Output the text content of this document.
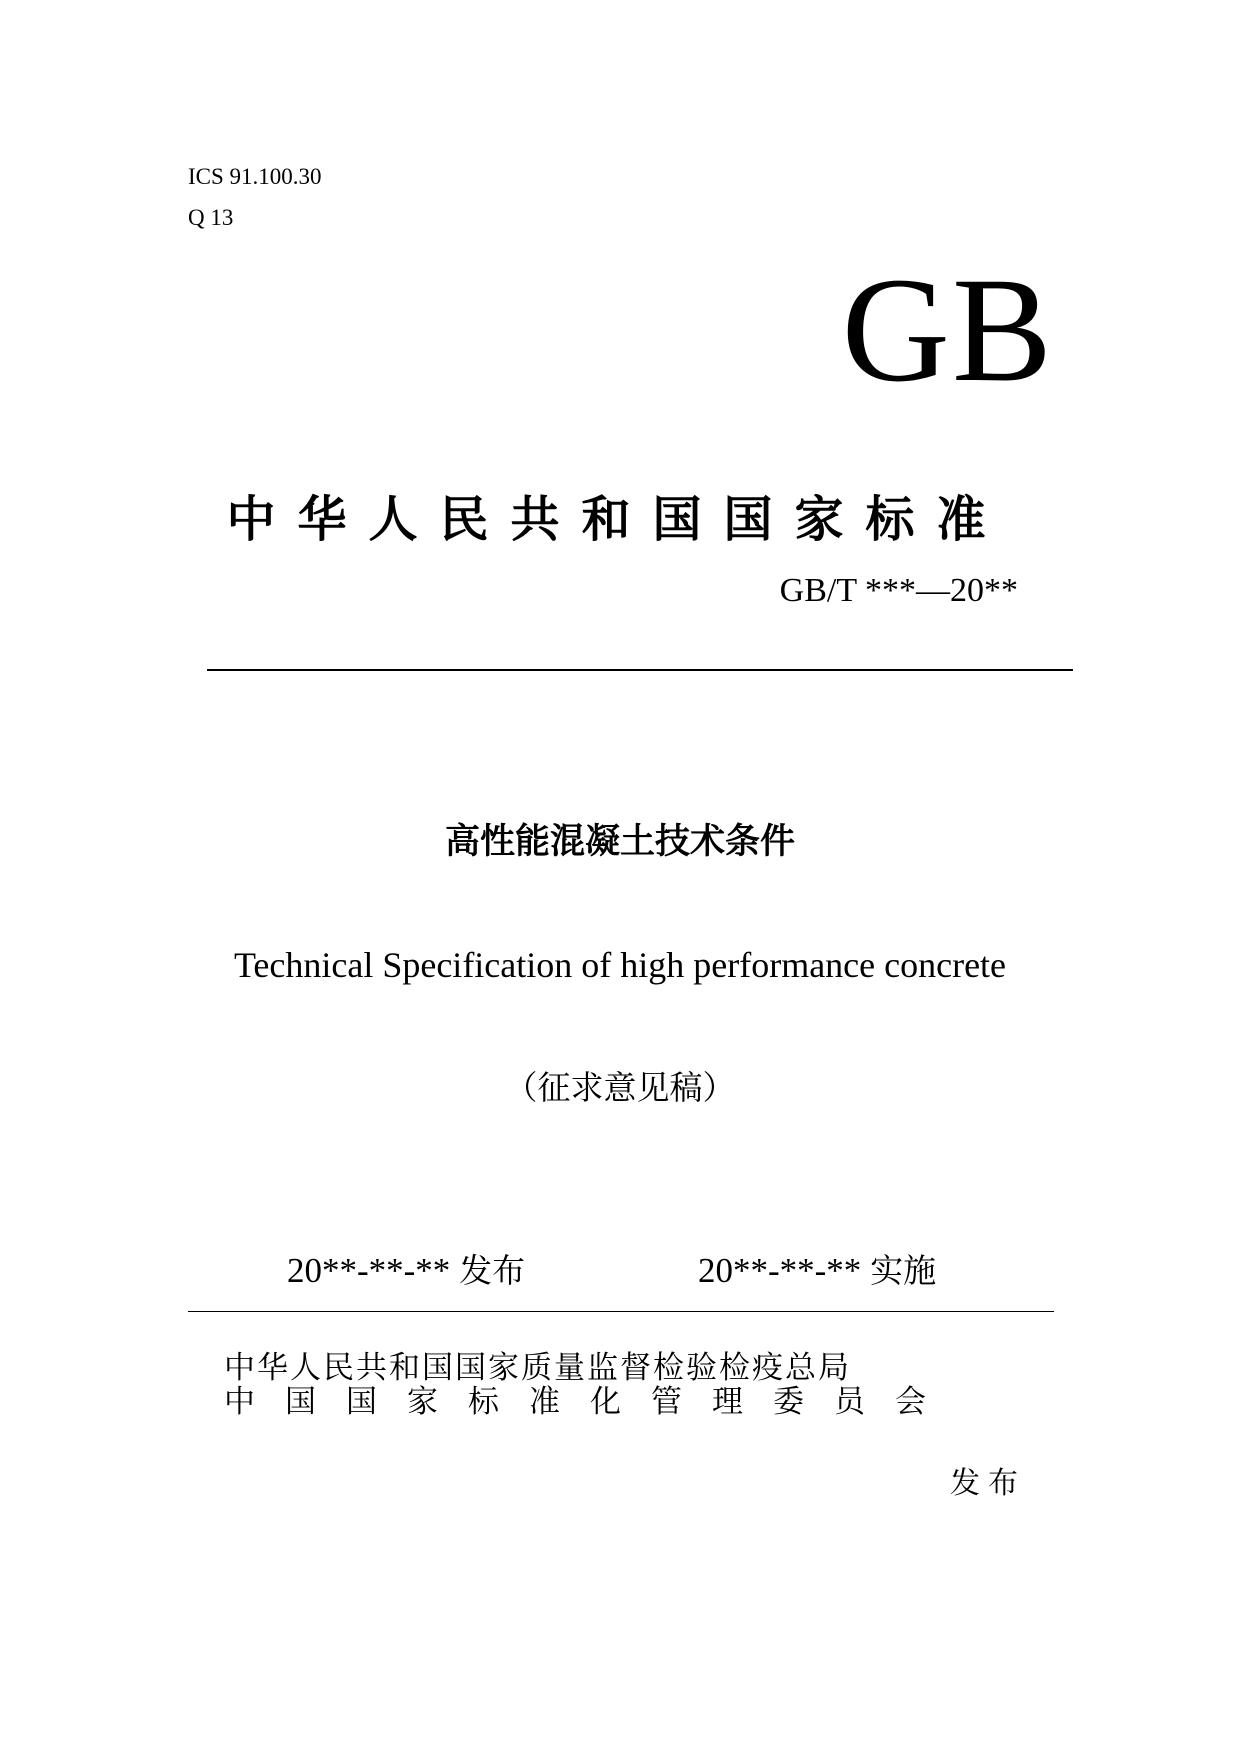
ICS 91.100.30
Q 13
GB
中华人民共和国国家标准
GB/T ***—20**
高性能混凝土技术条件
Technical Specification of high performance concrete
（征求意见稿）
20**-**-** 发布	20**-**-** 实施
中华人民共和国国家质量监督检验检疫总局
中国国家标准化管理委员会
发布
